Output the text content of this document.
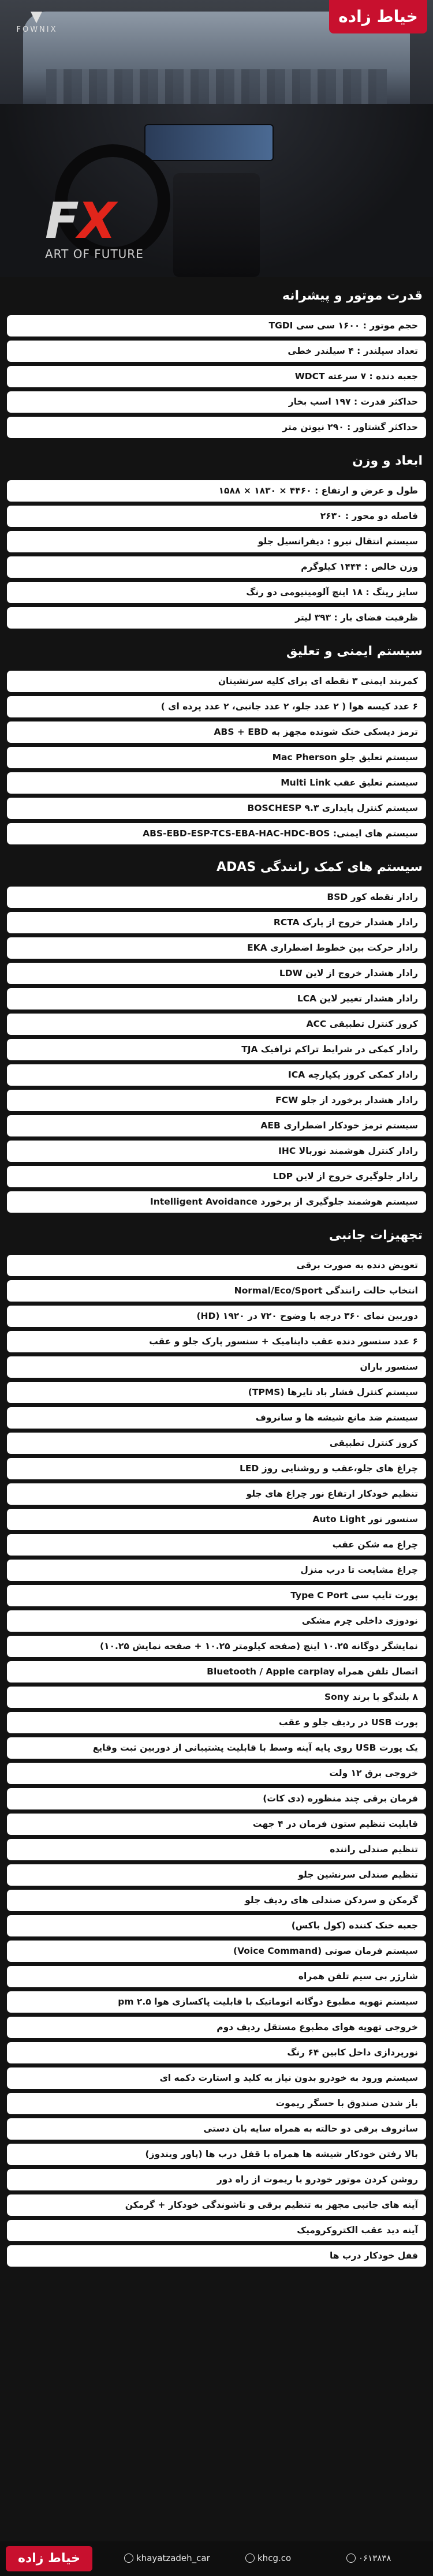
▼
FOWNIX
خیاط زاده
FX
ART OF FUTURE
قدرت موتور و پیشرانه
حجم موتور : ۱۶۰۰ سی سی TGDI
تعداد سیلندر : ۴ سیلندر خطی
جعبه دنده : ۷ سرعته WDCT
حداکثر قدرت : ۱۹۷ اسب بخار
حداکثر گشتاور : ۲۹۰ نیوتن متر
ابعاد و وزن
طول و عرض و ارتفاع : ۴۴۶۰ × ۱۸۳۰ × ۱۵۸۸
فاصله دو محور : ۲۶۳۰
سیستم انتقال نیرو : دیفرانسیل جلو
وزن خالص : ۱۴۴۴ کیلوگرم
سایز رینگ : ۱۸ اینچ آلومینیومی دو رنگ
ظرفیت فضای بار : ۳۹۳ لیتر
سیستم ایمنی و تعلیق
کمربند ایمنی ۳ نقطه ای برای کلیه سرنشینان
۶ عدد کیسه هوا ( ۲ عدد جلو، ۲ عدد جانبی، ۲ عدد پرده ای )
ترمز دیسکی خنک شونده مجهز به ABS + EBD
سیستم تعلیق جلو Mac Pherson
سیستم تعلیق عقب Multi Link
سیستم کنترل پایداری BOSCHESP ۹.۳
سیستم های ایمنی: ABS-EBD-ESP-TCS-EBA-HAC-HDC-BOS
سیستم های کمک رانندگی ADAS
رادار نقطه کور BSD
رادار هشدار خروج از پارک RCTA
رادار حرکت بین خطوط اضطراری EKA
رادار هشدار خروج از لاین LDW
رادار هشدار تغییر لاین LCA
کروز کنترل تطبیقی ACC
رادار کمکی در شرایط تراکم ترافیک TJA
رادار کمکی کروز یکپارچه ICA
رادار هشدار برخورد از جلو FCW
سیستم ترمز خودکار اضطراری AEB
رادار کنترل هوشمند نوربالا IHC
رادار جلوگیری خروج از لاین LDP
سیستم هوشمند جلوگیری از برخورد Intelligent Avoidance
تجهیزات جانبی
تعویض دنده به صورت برقی
انتخاب حالت رانندگی Normal/Eco/Sport
دوربین نمای ۳۶۰ درجه با وضوح ۷۲۰ در ۱۹۲۰ (HD)
۶ عدد سنسور دنده عقب داینامیک + سنسور پارک جلو و عقب
سنسور باران
سیستم کنترل فشار باد تایرها (TPMS)
سیستم ضد مانع شیشه ها و سانروف
کروز کنترل تطبیقی
چراغ های جلو،عقب و روشنایی روز LED
تنظیم خودکار ارتفاع نور چراغ های جلو
سنسور نور Auto Light
چراغ مه شکن عقب
چراغ مشایعت تا درب منزل
پورت تایپ سی Type C Port
نودوزی داخلی چرم مشکی
نمایشگر دوگانه ۱۰.۲۵ اینچ (صفحه کیلومتر ۱۰.۲۵ + صفحه نمایش ۱۰.۲۵)
اتصال تلفن همراه Bluetooth / Apple carplay
۸ بلندگو با برند Sony
پورت USB در ردیف جلو و عقب
یک پورت USB روی پایه آینه وسط با قابلیت پشتیبانی از دوربین ثبت وقایع
خروجی برق ۱۲ ولت
فرمان برقی چند منظوره (دی کات)
قابلیت تنظیم ستون فرمان در ۴ جهت
تنظیم صندلی راننده
تنظیم صندلی سرنشین جلو
گرمکن و سردکن صندلی های ردیف جلو
جعبه خنک کننده (کول باکس)
سیستم فرمان صوتی (Voice Command)
شارژر بی سیم تلفن همراه
سیستم تهویه مطبوع دوگانه اتوماتیک با قابلیت پاکسازی هوا ۲.۵ pm
خروجی تهویه هوای مطبوع مستقل ردیف دوم
نورپردازی داخل کابین ۶۴ رنگ
سیستم ورود به خودرو بدون نیاز به کلید و استارت دکمه ای
باز شدن صندوق با حسگر ریموت
سانروف برقی دو حالته به همراه سایه بان دستی
بالا رفتن خودکار شیشه ها همراه با قفل درب ها (پاور ویندوز)
روشن کردن موتور خودرو با ریموت از راه دور
آینه های جانبی مجهز به تنظیم برقی و تاشوندگی خودکار + گرمکن
آینه دید عقب الکتروکرومیک
قفل خودکار درب ها
خیاط زاده	khayatzadeh_car	khcg.co	۰۶۱۳۸۳۸
